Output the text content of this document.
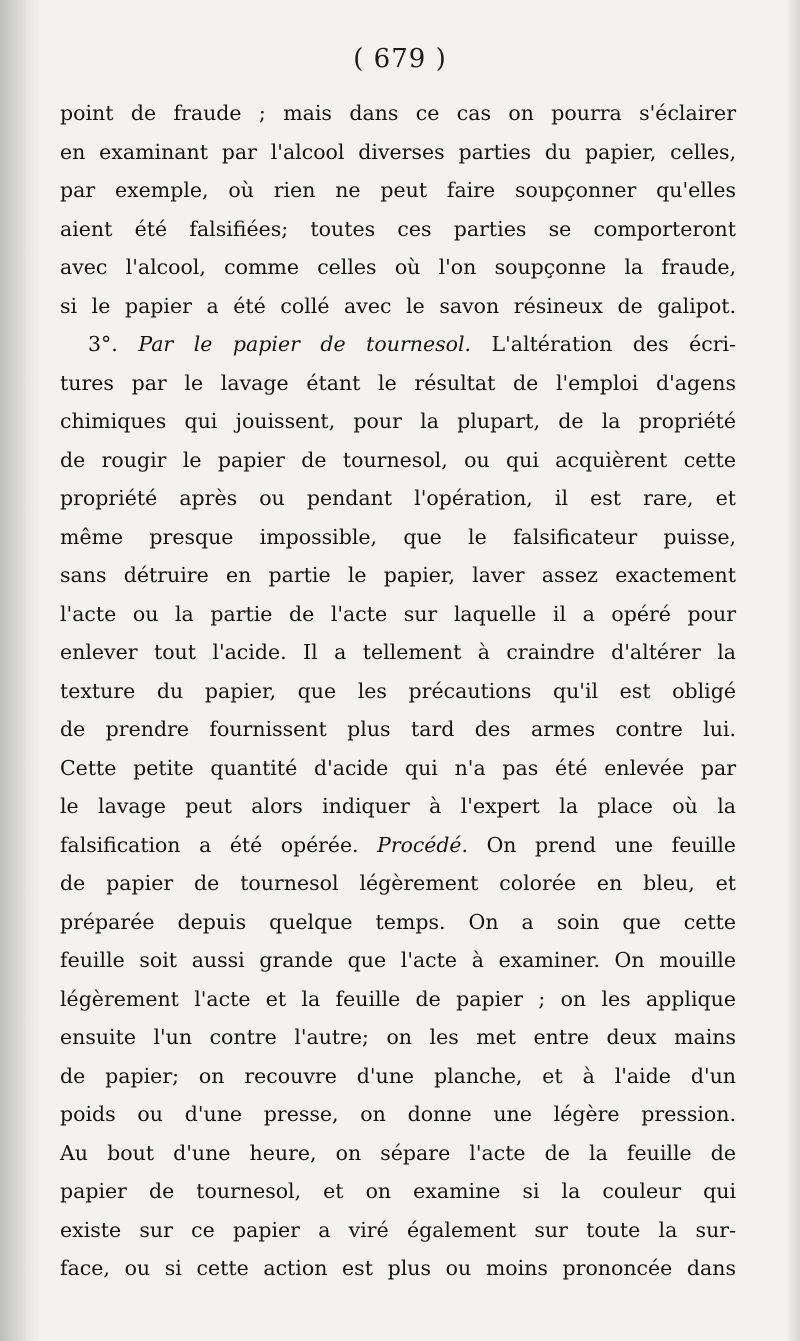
( 679 )
point de fraude ; mais dans ce cas on pourra s'éclairer
en examinant par l'alcool diverses parties du papier, celles,
par exemple, où rien ne peut faire soupçonner qu'elles
aient été falsifiées; toutes ces parties se comporteront
avec l'alcool, comme celles où l'on soupçonne la fraude,
si le papier a été collé avec le savon résineux de galipot.
3°. Par le papier de tournesol. L'altération des écri-
tures par le lavage étant le résultat de l'emploi d'agens
chimiques qui jouissent, pour la plupart, de la propriété
de rougir le papier de tournesol, ou qui acquièrent cette
propriété après ou pendant l'opération, il est rare, et
même presque impossible, que le falsificateur puisse,
sans détruire en partie le papier, laver assez exactement
l'acte ou la partie de l'acte sur laquelle il a opéré pour
enlever tout l'acide. Il a tellement à craindre d'altérer la
texture du papier, que les précautions qu'il est obligé
de prendre fournissent plus tard des armes contre lui.
Cette petite quantité d'acide qui n'a pas été enlevée par
le lavage peut alors indiquer à l'expert la place où la
falsification a été opérée. Procédé. On prend une feuille
de papier de tournesol légèrement colorée en bleu, et
préparée depuis quelque temps. On a soin que cette
feuille soit aussi grande que l'acte à examiner. On mouille
légèrement l'acte et la feuille de papier ; on les applique
ensuite l'un contre l'autre; on les met entre deux mains
de papier; on recouvre d'une planche, et à l'aide d'un
poids ou d'une presse, on donne une légère pression.
Au bout d'une heure, on sépare l'acte de la feuille de
papier de tournesol, et on examine si la couleur qui
existe sur ce papier a viré également sur toute la sur-
face, ou si cette action est plus ou moins prononcée dans
